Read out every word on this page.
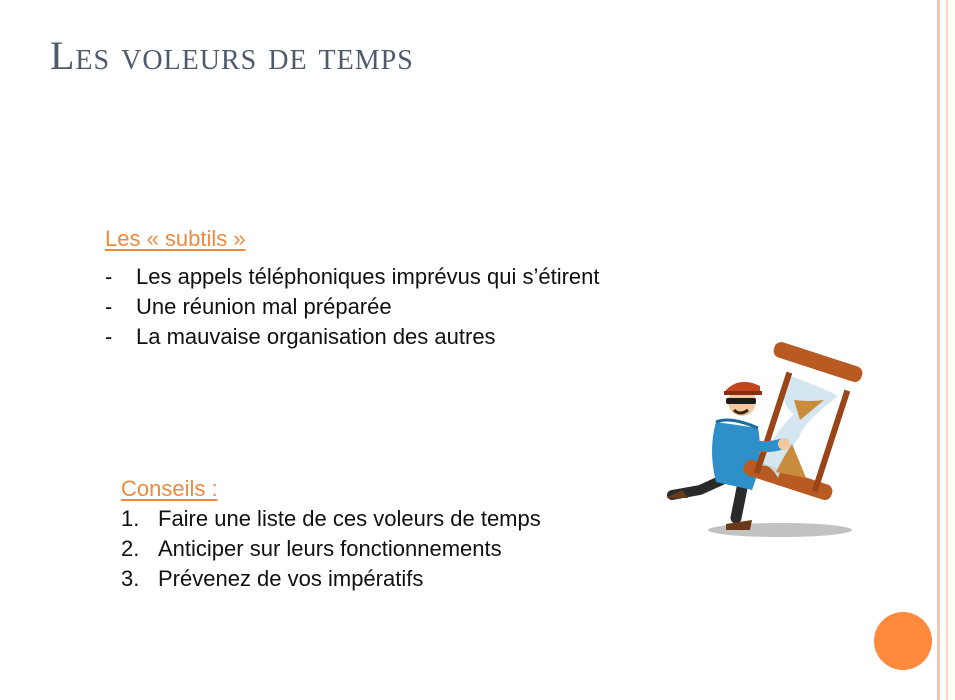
Les voleurs de temps
Les « subtils »
- Les appels téléphoniques imprévus qui s’étirent
- Une réunion mal préparée
- La mauvaise organisation des autres
Conseils :
1. Faire une liste de ces voleurs de temps
2. Anticiper sur leurs fonctionnements
3. Prévenez de vos impératifs
